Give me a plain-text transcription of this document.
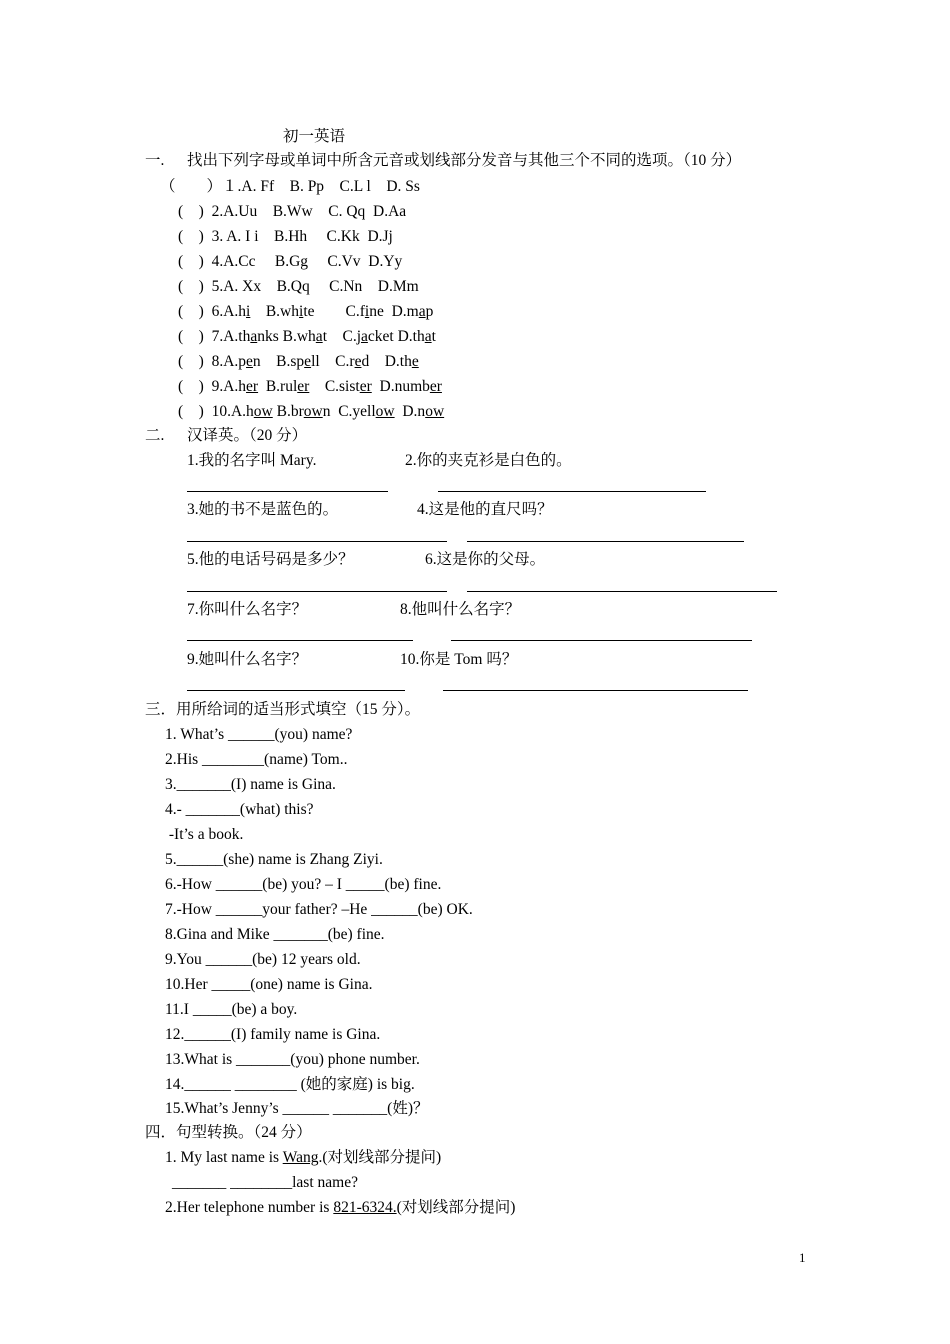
初一英语
一. 找出下列字母或单词中所含元音或划线部分发音与其他三个不同的选项。（10 分）
（　　）１.A. Ff　B. Pp　C.L l　D. Ss
(　)  2.A.Uu　B.Ww　C. Qq  D.Aa
(　)  3. A. I i　B.Hh　 C.Kk  D.Jj
(　)  4.A.Cc　 B.Gg　 C.Vv  D.Yy
(　)  5.A. Xx　B.Qq　 C.Nn　D.Mm
(　)  6.A.hi　B.white　　C.fine  D.map
(　)  7.A.thanks B.what　C.jacket D.that
(　)  8.A.pen　B.spell　C.red　D.the
(　)  9.A.her  B.ruler　C.sister  D.number
(　)  10.A.how B.brown  C.yellow  D.now
二. 汉译英。（20 分）
1.我的名字叫 Mary.	2.你的夹克衫是白色的。
3.她的书不是蓝色的。	4.这是他的直尺吗？
5.他的电话号码是多少？	6.这是你的父母。
7.你叫什么名字？	8.他叫什么名字？
9.她叫什么名字？	10.你是 Tom 吗？
三．用所给词的适当形式填空（15 分）。
1. What’s ______(you) name?
2.His ________(name) Tom..
3._______(I) name is Gina.
4.- _______(what) this?
-It’s a book.
5.______(she) name is Zhang Ziyi.
6.-How ______(be) you? – I _____(be) fine.
7.-How ______your father? –He ______(be) OK.
8.Gina and Mike _______(be) fine.
9.You ______(be) 12 years old.
10.Her _____(one) name is Gina.
11.I _____(be) a boy.
12.______(I) family name is Gina.
13.What is _______(you) phone number.
14.______ ________ (她的家庭) is big.
15.What’s Jenny’s ______ _______(姓)？
四．句型转换。（24 分）
1. My last name is Wang.(对划线部分提问)
_______ ________last name?
2.Her telephone number is 821-6324.(对划线部分提问)
1
